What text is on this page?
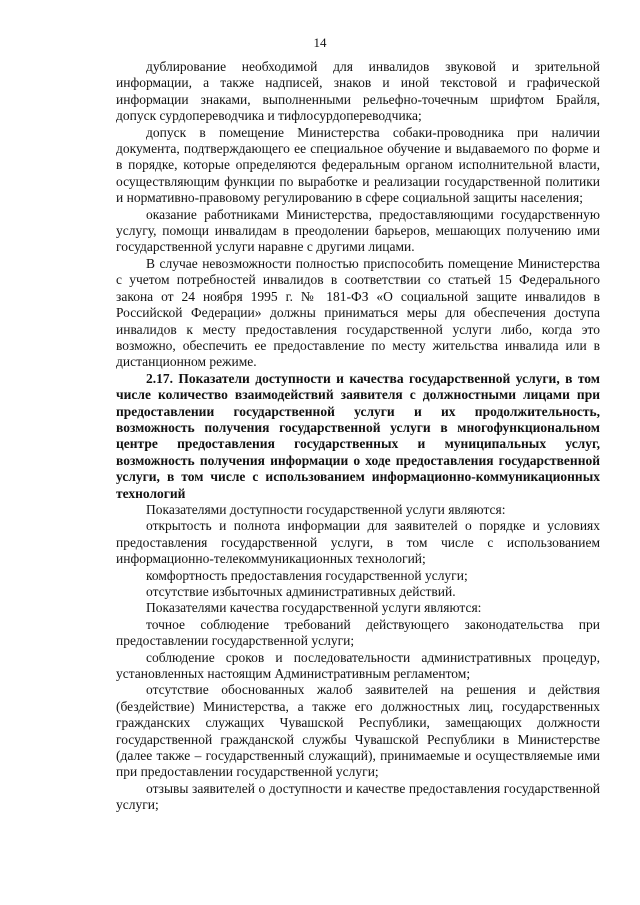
14

дублирование необходимой для инвалидов звуковой и зрительной информации, а также надписей, знаков и иной текстовой и графической информации знаками, выполненными рельефно-точечным шрифтом Брайля, допуск сурдопереводчика и тифлосурдопереводчика;

допуск в помещение Министерства собаки-проводника при наличии документа, подтверждающего ее специальное обучение и выдаваемого по форме и в порядке, которые определяются федеральным органом исполнительной власти, осуществляющим функции по выработке и реализации государственной политики и нормативно-правовому регулированию в сфере социальной защиты населения;

оказание работниками Министерства, предоставляющими государственную услугу, помощи инвалидам в преодолении барьеров, мешающих получению ими государственной услуги наравне с другими лицами.

В случае невозможности полностью приспособить помещение Министерства с учетом потребностей инвалидов в соответствии со статьей 15 Федерального закона от 24 ноября 1995 г. № 181-ФЗ «О социальной защите инвалидов в Российской Федерации» должны приниматься меры для обеспечения доступа инвалидов к месту предоставления государственной услуги либо, когда это возможно, обеспечить ее предоставление по месту жительства инвалида или в дистанционном режиме.

2.17. Показатели доступности и качества государственной услуги, в том числе количество взаимодействий заявителя с должностными лицами при предоставлении государственной услуги и их продолжительность, возможность получения государственной услуги в многофункциональном центре предоставления государственных и муниципальных услуг, возможность получения информации о ходе предоставления государственной услуги, в том числе с использованием информационно-коммуникационных технологий

Показателями доступности государственной услуги являются:

открытость и полнота информации для заявителей о порядке и условиях предоставления государственной услуги, в том числе с использованием информационно-телекоммуникационных технологий;

комфортность предоставления государственной услуги;

отсутствие избыточных административных действий.

Показателями качества государственной услуги являются:

точное соблюдение требований действующего законодательства при предоставлении государственной услуги;

соблюдение сроков и последовательности административных процедур, установленных настоящим Административным регламентом;

отсутствие обоснованных жалоб заявителей на решения и действия (бездействие) Министерства, а также его должностных лиц, государственных гражданских служащих Чувашской Республики, замещающих должности государственной гражданской службы Чувашской Республики в Министерстве (далее также – государственный служащий), принимаемые и осуществляемые ими при предоставлении государственной услуги;

отзывы заявителей о доступности и качестве предоставления государственной услуги;
